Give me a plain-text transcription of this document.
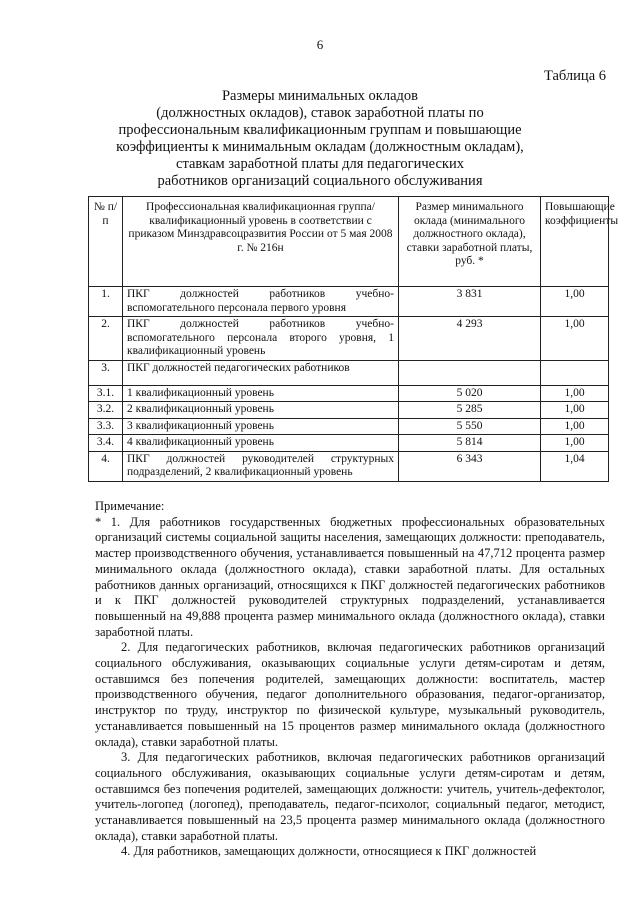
6
Таблица 6
Размеры минимальных окладов
(должностных окладов), ставок заработной платы по
профессиональным квалификационным группам и повышающие
коэффициенты к минимальным окладам (должностным окладам),
ставкам заработной платы для педагогических
работников организаций социального обслуживания
№ п/п	Профессиональная квалификационная группа/квалификационный уровень в соответствии с приказом Минздравсоцразвития России от 5 мая 2008 г. № 216н	Размер минимального оклада (минимального должностного оклада), ставки заработной платы, руб. *	Повышающие коэффициенты
1.	ПКГ должностей работников учебно-вспомогательного персонала первого уровня	3 831	1,00
2.	ПКГ должностей работников учебно-вспомогательного персонала второго уровня, 1 квалификационный уровень	4 293	1,00
3.	ПКГ должностей педагогических работников		
3.1.	1 квалификационный уровень	5 020	1,00
3.2.	2 квалификационный уровень	5 285	1,00
3.3.	3 квалификационный уровень	5 550	1,00
3.4.	4 квалификационный уровень	5 814	1,00
4.	ПКГ должностей руководителей структурных подразделений, 2 квалификационный уровень	6 343	1,04

Примечание:

* 1. Для работников государственных бюджетных профессиональных образовательных организаций системы социальной защиты населения, замещающих должности: преподаватель, мастер производственного обучения, устанавливается повышенный на 47,712 процента размер минимального оклада (должностного оклада), ставки заработной платы. Для остальных работников данных организаций, относящихся к ПКГ должностей педагогических работников и к ПКГ должностей руководителей структурных подразделений, устанавливается повышенный на 49,888 процента размер минимального оклада (должностного оклада), ставки заработной платы.

2. Для педагогических работников, включая педагогических работников организаций социального обслуживания, оказывающих социальные услуги детям-сиротам и детям, оставшимся без попечения родителей, замещающих должности: воспитатель, мастер производственного обучения, педагог дополнительного образования, педагог-организатор, инструктор по труду, инструктор по физической культуре, музыкальный руководитель, устанавливается повышенный на 15 процентов размер минимального оклада (должностного оклада), ставки заработной платы.

3. Для педагогических работников, включая педагогических работников организаций социального обслуживания, оказывающих социальные услуги детям-сиротам и детям, оставшимся без попечения родителей, замещающих должности: учитель, учитель-дефектолог, учитель-логопед (логопед), преподаватель, педагог-психолог, социальный педагог, методист, устанавливается повышенный на 23,5 процента размер минимального оклада (должностного оклада), ставки заработной платы.

4. Для работников, замещающих должности, относящиеся к ПКГ должностей
